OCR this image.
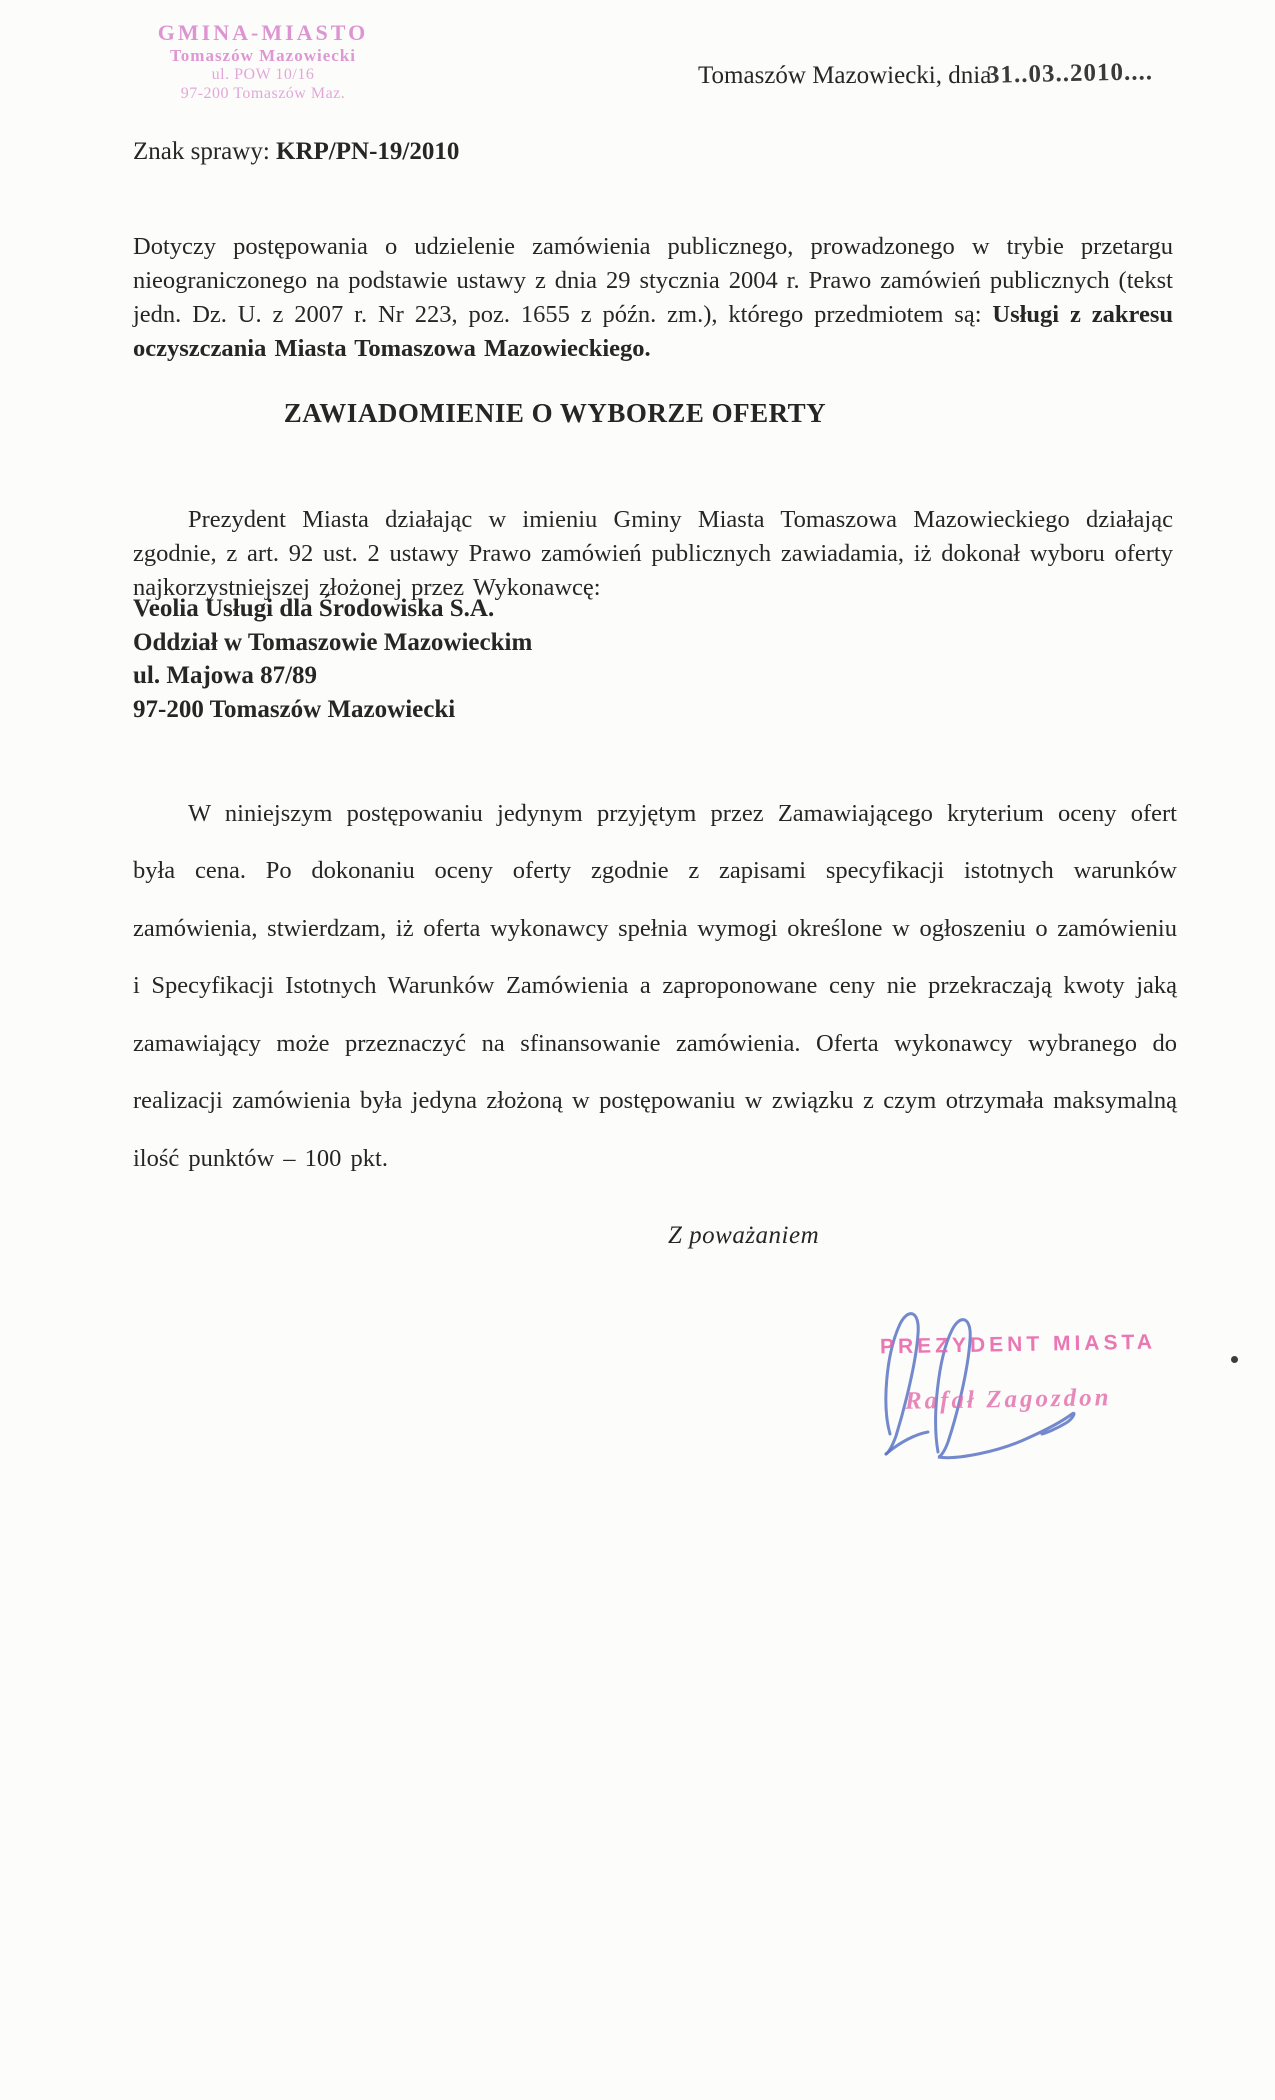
GMINA-MIASTO
Tomaszów Mazowiecki
ul. POW 10/16
97-200 Tomaszów Maz.
Tomaszów Mazowiecki, dnia31..03..2010....
Znak sprawy: KRP/PN-19/2010

Dotyczy postępowania o udzielenie zamówienia publicznego, prowadzonego w trybie przetargu nieograniczonego na podstawie ustawy z dnia 29 stycznia 2004 r. Prawo zamówień publicznych (tekst jedn. Dz. U. z 2007 r. Nr 223, poz. 1655 z późn. zm.), którego przedmiotem są: Usługi z zakresu oczyszczania Miasta Tomaszowa Mazowieckiego.

ZAWIADOMIENIE O WYBORZE OFERTY

Prezydent Miasta działając w imieniu Gminy Miasta Tomaszowa Mazowieckiego działając zgodnie, z art. 92 ust. 2 ustawy Prawo zamówień publicznych zawiadamia, iż dokonał wyboru oferty najkorzystniejszej złożonej przez Wykonawcę:

Veolia Usługi dla Środowiska S.A.
Oddział w Tomaszowie Mazowieckim
ul. Majowa 87/89
97-200 Tomaszów Mazowiecki

W niniejszym postępowaniu jedynym przyjętym przez Zamawiającego kryterium oceny ofert była cena. Po dokonaniu oceny oferty zgodnie z zapisami specyfikacji istotnych warunków zamówienia, stwierdzam, iż oferta wykonawcy spełnia wymogi określone w ogłoszeniu o zamówieniu i Specyfikacji Istotnych Warunków Zamówienia a zaproponowane ceny nie przekraczają kwoty jaką zamawiający może przeznaczyć na sfinansowanie zamówienia. Oferta wykonawcy wybranego do realizacji zamówienia była jedyna złożoną w postępowaniu w związku z czym otrzymała maksymalną ilość punktów – 100 pkt.

Z poważaniem
PREZYDENT MIASTA
Rafał Zagozdon
